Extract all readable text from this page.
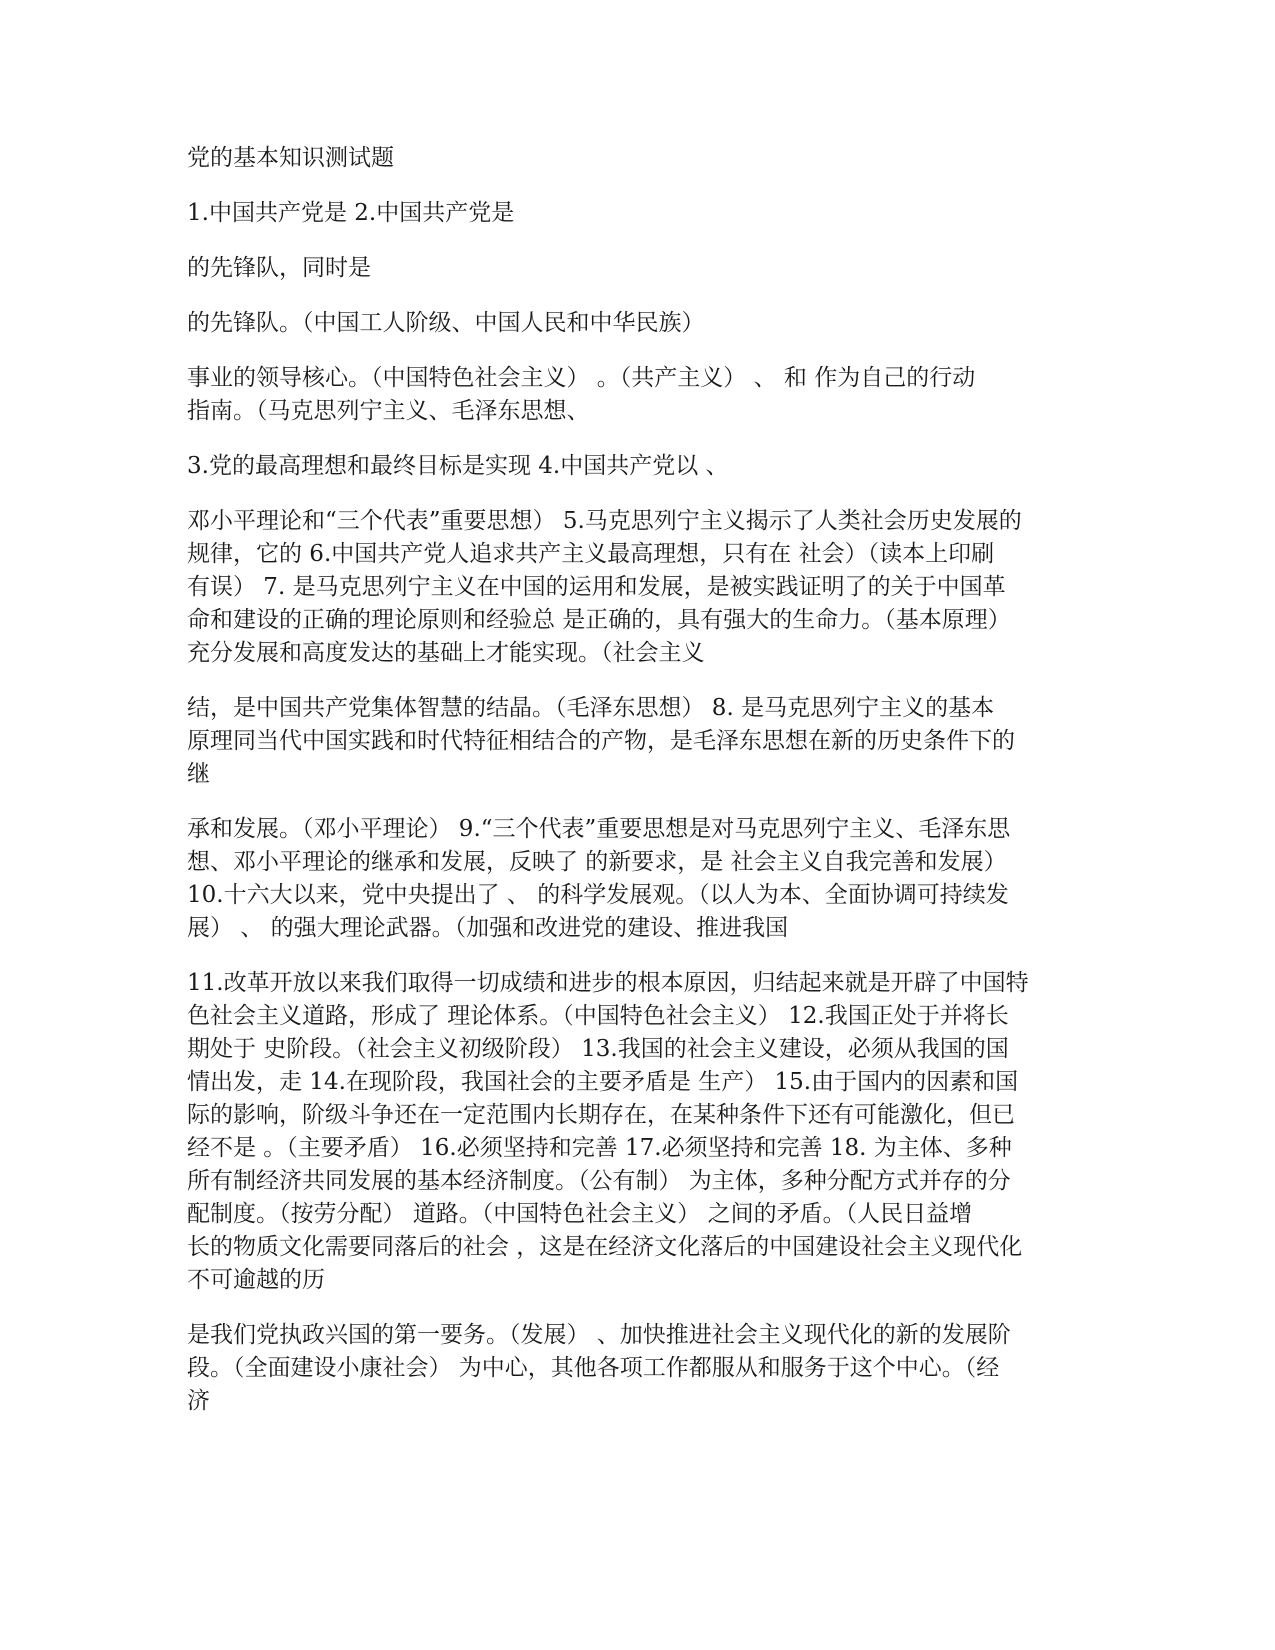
党的基本知识测试题
1.中国共产党是 2.中国共产党是
的先锋队，同时是
的先锋队。（中国工人阶级、中国人民和中华民族）
事业的领导核心。（中国特色社会主义） 。（共产主义） 、 和 作为自己的行动
指南。（马克思列宁主义、毛泽东思想、
3.党的最高理想和最终目标是实现 4.中国共产党以 、
邓小平理论和“三个代表”重要思想） 5.马克思列宁主义揭示了人类社会历史发展的
规律，它的 6.中国共产党人追求共产主义最高理想，只有在 社会）（读本上印刷
有误） 7. 是马克思列宁主义在中国的运用和发展，是被实践证明了的关于中国革
命和建设的正确的理论原则和经验总 是正确的，具有强大的生命力。（基本原理）
充分发展和高度发达的基础上才能实现。（社会主义
结，是中国共产党集体智慧的结晶。（毛泽东思想） 8. 是马克思列宁主义的基本
原理同当代中国实践和时代特征相结合的产物，是毛泽东思想在新的历史条件下的
继
承和发展。（邓小平理论） 9.“三个代表”重要思想是对马克思列宁主义、毛泽东思
想、邓小平理论的继承和发展，反映了 的新要求，是 社会主义自我完善和发展）
10.十六大以来，党中央提出了 、 的科学发展观。（以人为本、全面协调可持续发
展） 、 的强大理论武器。（加强和改进党的建设、推进我国
11.改革开放以来我们取得一切成绩和进步的根本原因，归结起来就是开辟了中国特
色社会主义道路，形成了 理论体系。（中国特色社会主义） 12.我国正处于并将长
期处于 史阶段。（社会主义初级阶段） 13.我国的社会主义建设，必须从我国的国
情出发，走 14.在现阶段，我国社会的主要矛盾是 生产） 15.由于国内的因素和国
际的影响，阶级斗争还在一定范围内长期存在，在某种条件下还有可能激化，但已
经不是 。（主要矛盾） 16.必须坚持和完善 17.必须坚持和完善 18. 为主体、多种
所有制经济共同发展的基本经济制度。（公有制） 为主体，多种分配方式并存的分
配制度。（按劳分配） 道路。（中国特色社会主义） 之间的矛盾。（人民日益增
长的物质文化需要同落后的社会 ，这是在经济文化落后的中国建设社会主义现代化
不可逾越的历
是我们党执政兴国的第一要务。（发展） 、加快推进社会主义现代化的新的发展阶
段。（全面建设小康社会） 为中心，其他各项工作都服从和服务于这个中心。（经
济
